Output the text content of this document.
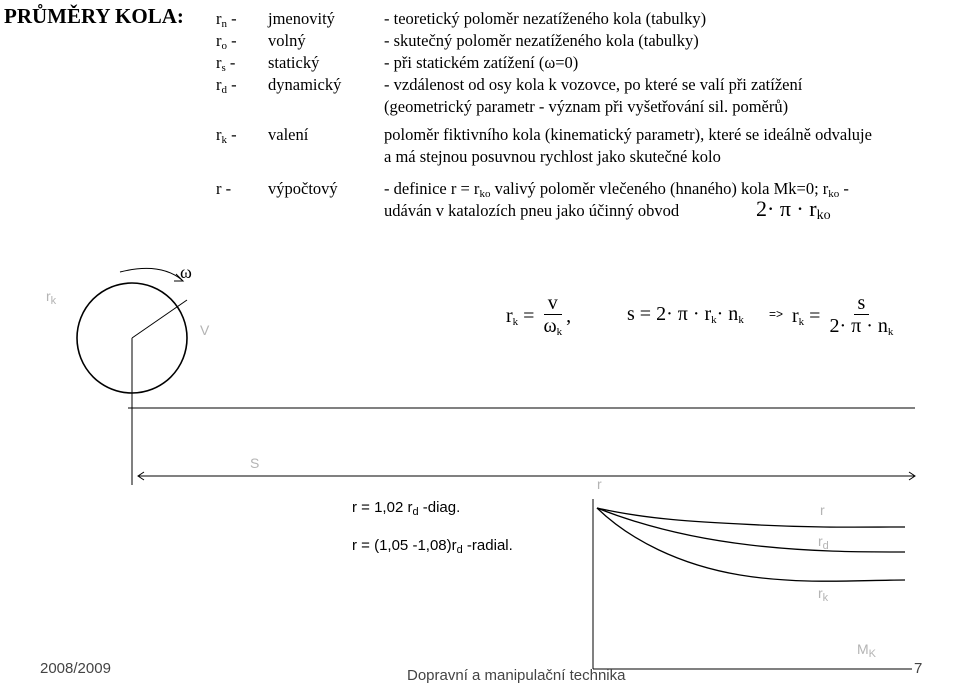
PRŮMĚRY KOLA: $r_n$ - jmenovitý	- teoretický poloměr nezatíženého kola (tabulky)
$r_o$ - volný	- skutečný poloměr nezatíženého kola (tabulky)
$r_s$ - statický	- při statickém zatížení (ω=0)
$r_d$ - dynamický	- vzdálenost od osy kola k vozovce, po které se valí při zatížení
(geometrický parametr - význam při vyšetřování sil. poměrů)
$r_k$ - valení	poloměr fiktivního kola (kinematický parametr), které se ideálně odvaluje
a má stejnou posuvnou rychlost jako skutečné kolo
r - výpočtový	- definice $r = r_{ko}$ valivý poloměr vlečeného (hnaného) kola Mk=0; $r_{ko}$ -
udáván v katalozích pneu jako účinný obvod	$2\cdot \pi \cdot r_{ko}$
ω
$r_k$
V
S
$r_k = \frac{v}{\omega_k}$ ,	$s = 2\cdot \pi \cdot r_k\cdot n_k => r_k = \frac{s}{2\cdot \pi \cdot n_k}$
r = 1,02 $r_d$ -diag.
r = (1,05 $-1,08)r_d$ -radial.
r
$M_K$
r
$r_d$
$r_k$
2008/2009	Dopravní a manipulační technika	7
